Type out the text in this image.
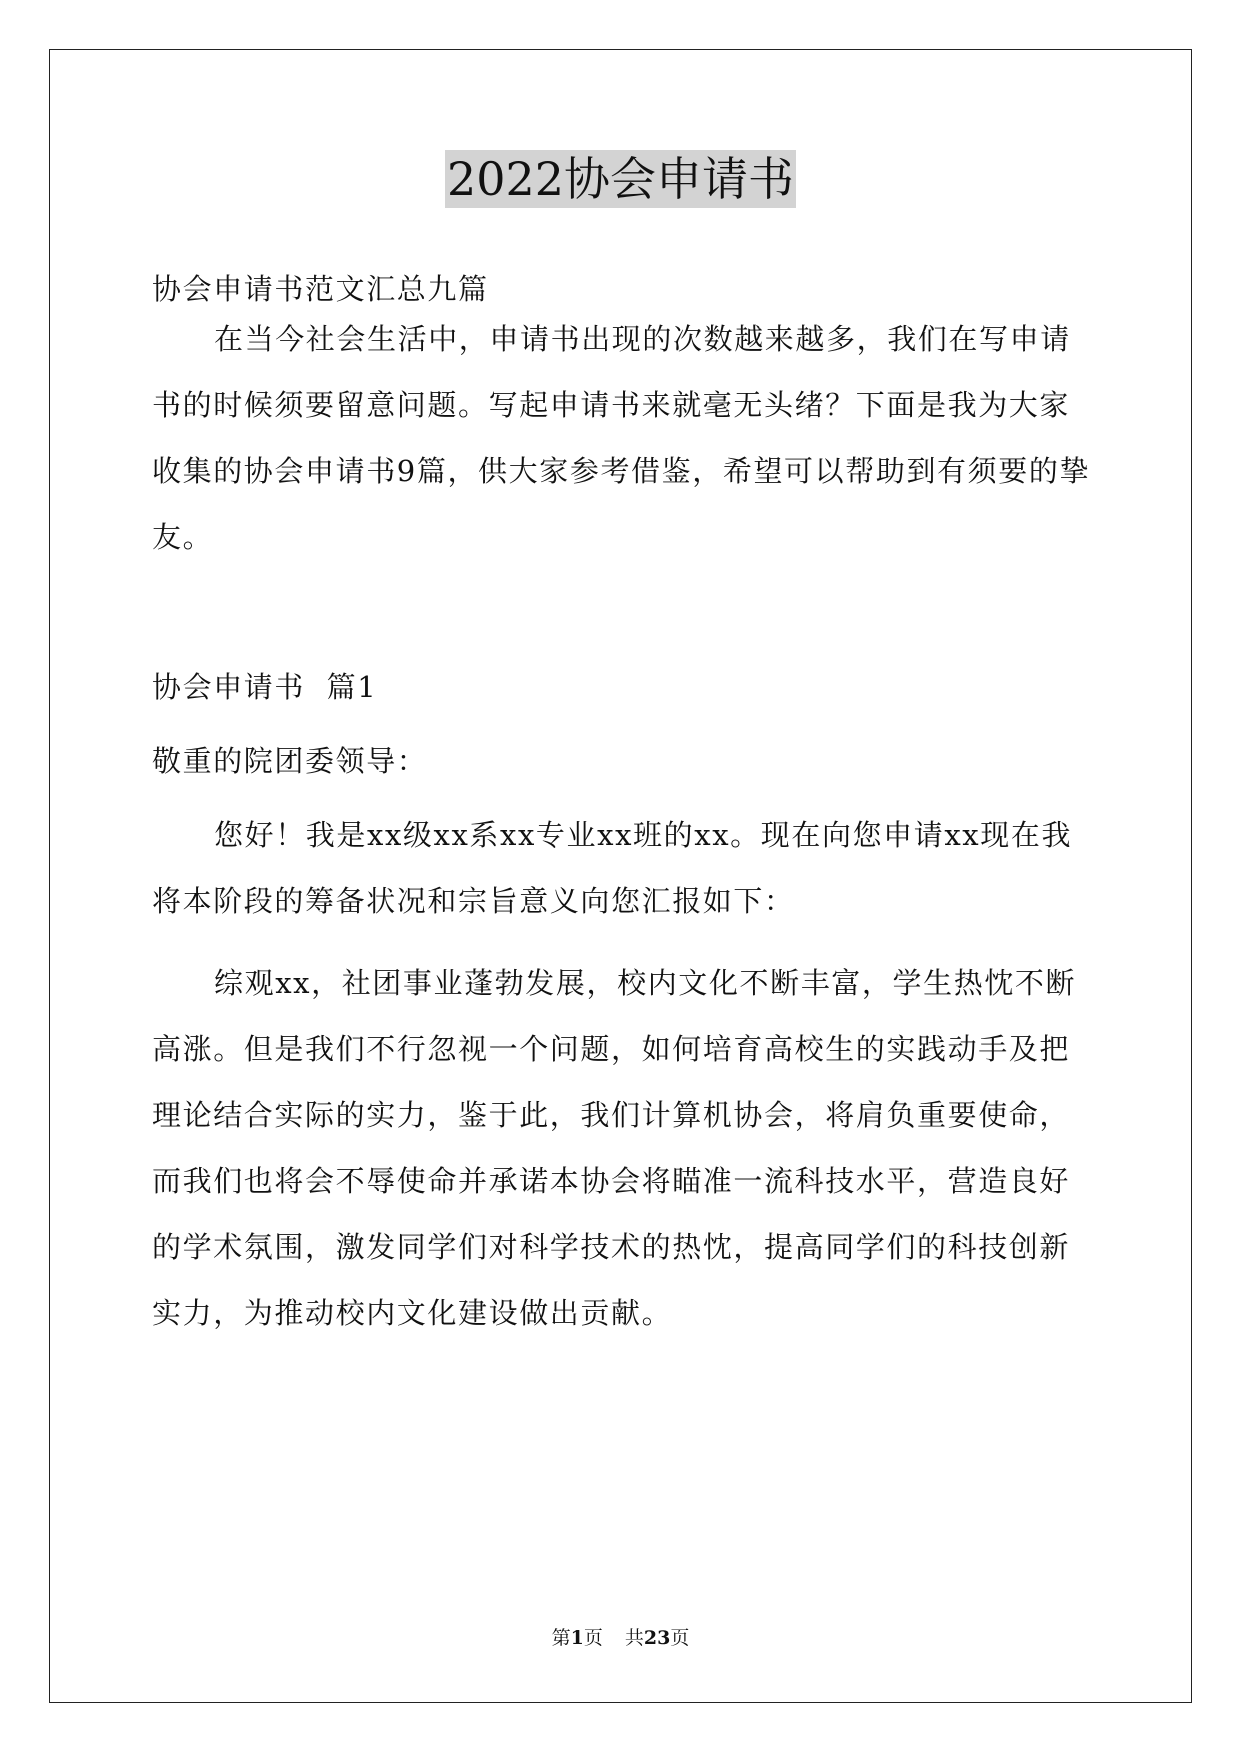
2022协会申请书

协会申请书范文汇总九篇

在当今社会生活中，申请书出现的次数越来越多，我们在写申请书的时候须要留意问题。写起申请书来就毫无头绪？下面是我为大家收集的协会申请书9篇，供大家参考借鉴，希望可以帮助到有须要的挚友。

协会申请书  篇1

敬重的院团委领导：

您好！我是xx级xx系xx专业xx班的xx。现在向您申请xx现在我将本阶段的筹备状况和宗旨意义向您汇报如下：

综观xx，社团事业蓬勃发展，校内文化不断丰富，学生热忱不断高涨。但是我们不行忽视一个问题，如何培育高校生的实践动手及把理论结合实际的实力，鉴于此，我们计算机协会，将肩负重要使命，而我们也将会不辱使命并承诺本协会将瞄准一流科技水平，营造良好的学术氛围，激发同学们对科学技术的热忱，提高同学们的科技创新实力，为推动校内文化建设做出贡献。

第1页 共23页
